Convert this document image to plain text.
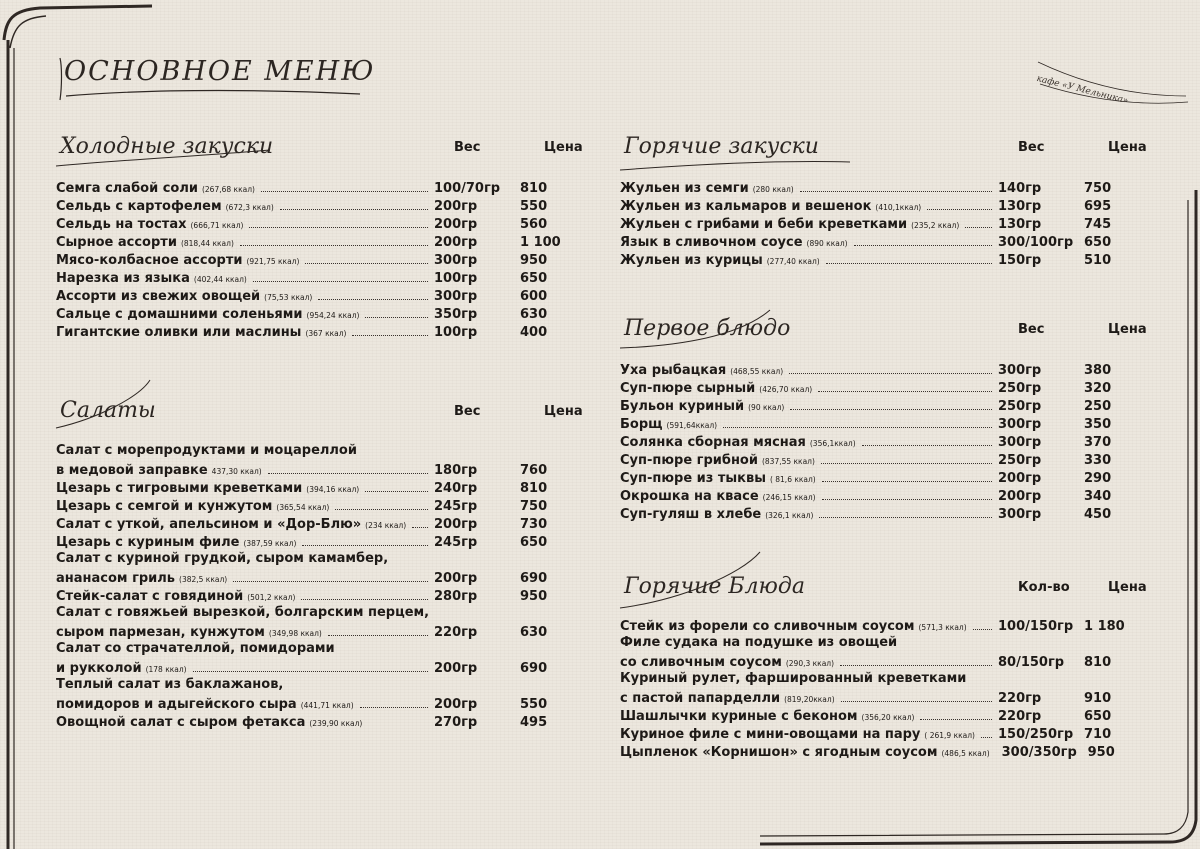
ОСНОВНОЕ МЕНЮ

кафе «У Мельника»

Холодные закуски	Вес	Цена
Семга слабой соли (267,68 ккал)	100/70гр	810
Сельдь с картофелем (672,3 ккал)	200гр	550
Сельдь на тостах (666,71 ккал)	200гр	560
Сырное ассорти (818,44 ккал)	200гр	1 100
Мясо-колбасное ассорти (921,75 ккал)	300гр	950
Нарезка из языка (402,44 ккал)	100гр	650
Ассорти из свежих овощей (75,53 ккал)	300гр	600
Сальце с домашними соленьями (954,24 ккал)	350гр	630
Гигантские оливки или маслины (367 ккал)	100гр	400
Салаты	Вес	Цена
Салат с морепродуктами и моцареллой
в медовой заправке 437,30 ккал)	180гр	760
Цезарь с тигровыми креветками (394,16 ккал)	240гр	810
Цезарь с семгой и кунжутом (365,54 ккал)	245гр	750
Салат с уткой, апельсином и «Дор-Блю» (234 ккал) 200гр	730
Цезарь с куриным филе (387,59 ккал)	245гр	650
Салат с куриной грудкой, сыром камамбер,
ананасом гриль (382,5 ккал)	200гр	690
Стейк-салат с говядиной (501,2 ккал)	280гр	950
Салат с говяжьей вырезкой, болгарским перцем,
сыром пармезан, кунжутом (349,98 ккал)	220гр	630
Салат со страчателлой, помидорами
и рукколой (178 ккал)	200гр	690
Теплый салат из баклажанов,
помидоров и адыгейского сыра (441,71 ккал)	200гр	550
Овощной салат с сыром фетакса (239,90 ккал)	270гр	495
Горячие закуски	Вес	Цена
Жульен из семги (280 ккал)	140гр	750
Жульен из кальмаров и вешенок (410,1ккал)	130гр	695
Жульен с грибами и беби креветками (235,2 ккал)	130гр	745
Язык в сливочном соусе (890 ккал)	300/100гр 650
Жульен из курицы (277,40 ккал)	150гр	510
Первое блюдо	Вес	Цена
Уха рыбацкая (468,55 ккал)	300гр	380
Суп-пюре сырный (426,70 ккал)	250гр	320
Бульон куриный (90 ккал)	250гр	250
Борщ (591,64ккал)	300гр	350
Солянка сборная мясная (356,1ккал)	300гр	370
Суп-пюре грибной (837,55 ккал)	250гр	330
Суп-пюре из тыквы ( 81,6 ккал)	200гр	290
Окрошка на квасе (246,15 ккал)	200гр	340
Суп-гуляш в хлебе (326,1 ккал)	300гр	450
Горячие Блюда	Кол-во	Цена
Стейк из форели со сливочным соусом (571,3 ккал) 100/150гр 1 180
Филе судака на подушке из овощей
со сливочным соусом (290,3 ккал)	80/150гр	810
Куриный рулет, фаршированный креветками
с пастой папарделли (819,20ккал)	220гр	910
Шашлычки куриные с беконом (356,20 ккал)	220гр	650
Куриное филе с мини-овощами на пару ( 261,9 ккал) 150/250гр 710
Цыпленок «Корнишон» с ягодным соусом (486,5 ккал) 300/350гр 950
